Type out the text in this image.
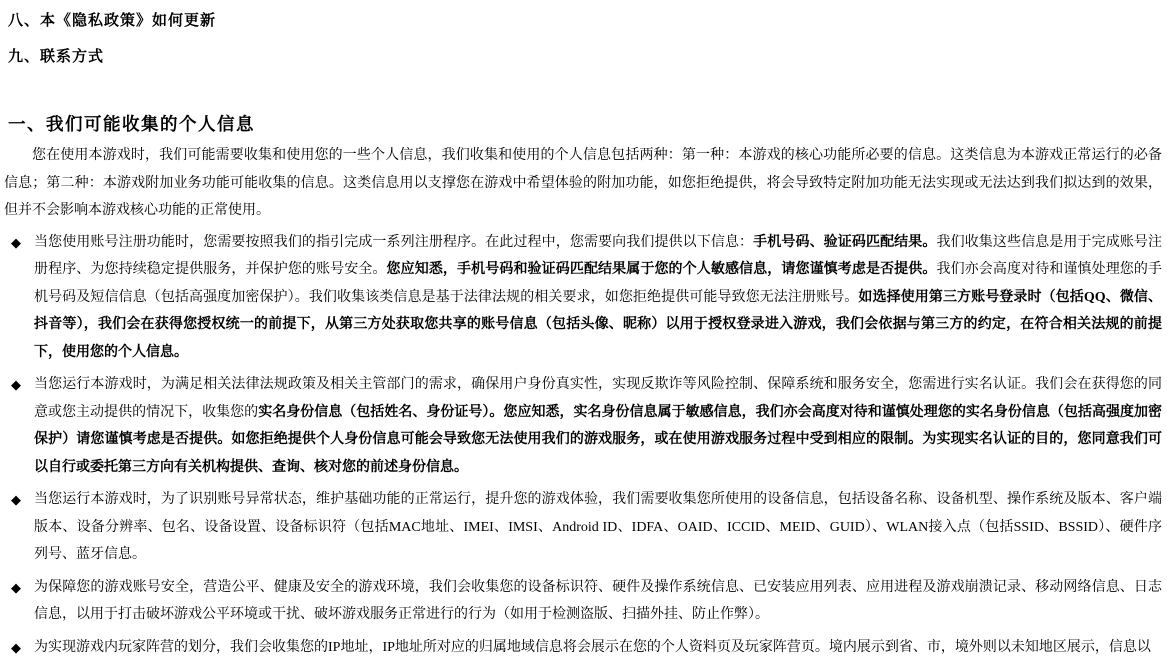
八、本《隐私政策》如何更新
九、联系方式
一、我们可能收集的个人信息

您在使用本游戏时，我们可能需要收集和使用您的一些个人信息，我们收集和使用的个人信息包括两种：第一种：本游戏的核心功能所必要的信息。这类信息为本游戏正常运行的必备信息；第二种：本游戏附加业务功能可能收集的信息。这类信息用以支撑您在游戏中希望体验的附加功能，如您拒绝提供，将会导致特定附加功能无法实现或无法达到我们拟达到的效果，但并不会影响本游戏核心功能的正常使用。

◆ 当您使用账号注册功能时，您需要按照我们的指引完成一系列注册程序。在此过程中，您需要向我们提供以下信息：手机号码、验证码匹配结果。我们收集这些信息是用于完成账号注册程序、为您持续稳定提供服务，并保护您的账号安全。您应知悉，手机号码和验证码匹配结果属于您的个人敏感信息，请您谨慎考虑是否提供。我们亦会高度对待和谨慎处理您的手机号码及短信信息（包括高强度加密保护）。我们收集该类信息是基于法律法规的相关要求，如您拒绝提供可能导致您无法注册账号。如选择使用第三方账号登录时（包括QQ、微信、抖音等），我们会在获得您授权统一的前提下，从第三方处获取您共享的账号信息（包括头像、昵称）以用于授权登录进入游戏，我们会依据与第三方的约定，在符合相关法规的前提下，使用您的个人信息。
◆ 当您运行本游戏时，为满足相关法律法规政策及相关主管部门的需求，确保用户身份真实性，实现反欺诈等风险控制、保障系统和服务安全，您需进行实名认证。我们会在获得您的同意或您主动提供的情况下，收集您的实名身份信息（包括姓名、身份证号）。您应知悉，实名身份信息属于敏感信息，我们亦会高度对待和谨慎处理您的实名身份信息（包括高强度加密保护）请您谨慎考虑是否提供。如您拒绝提供个人身份信息可能会导致您无法使用我们的游戏服务，或在使用游戏服务过程中受到相应的限制。为实现实名认证的目的，您同意我们可以自行或委托第三方向有关机构提供、查询、核对您的前述身份信息。
◆ 当您运行本游戏时，为了识别账号异常状态，维护基础功能的正常运行，提升您的游戏体验，我们需要收集您所使用的设备信息，包括设备名称、设备机型、操作系统及版本、客户端版本、设备分辨率、包名、设备设置、设备标识符（包括MAC地址、IMEI、IMSI、Android ID、IDFA、OAID、ICCID、MEID、GUID）、WLAN接入点（包括SSID、BSSID）、硬件序列号、蓝牙信息。
◆ 为保障您的游戏账号安全，营造公平、健康及安全的游戏环境，我们会收集您的设备标识符、硬件及操作系统信息、已安装应用列表、应用进程及游戏崩溃记录、移动网络信息、日志信息，以用于打击破坏游戏公平环境或干扰、破坏游戏服务正常进行的行为（如用于检测盗版、扫描外挂、防止作弊）。
◆ 为实现游戏内玩家阵营的划分，我们会收集您的IP地址，IP地址所对应的归属地域信息将会展示在您的个人资料页及玩家阵营页。境内展示到省、市，境外则以未知地区展示，信息以
